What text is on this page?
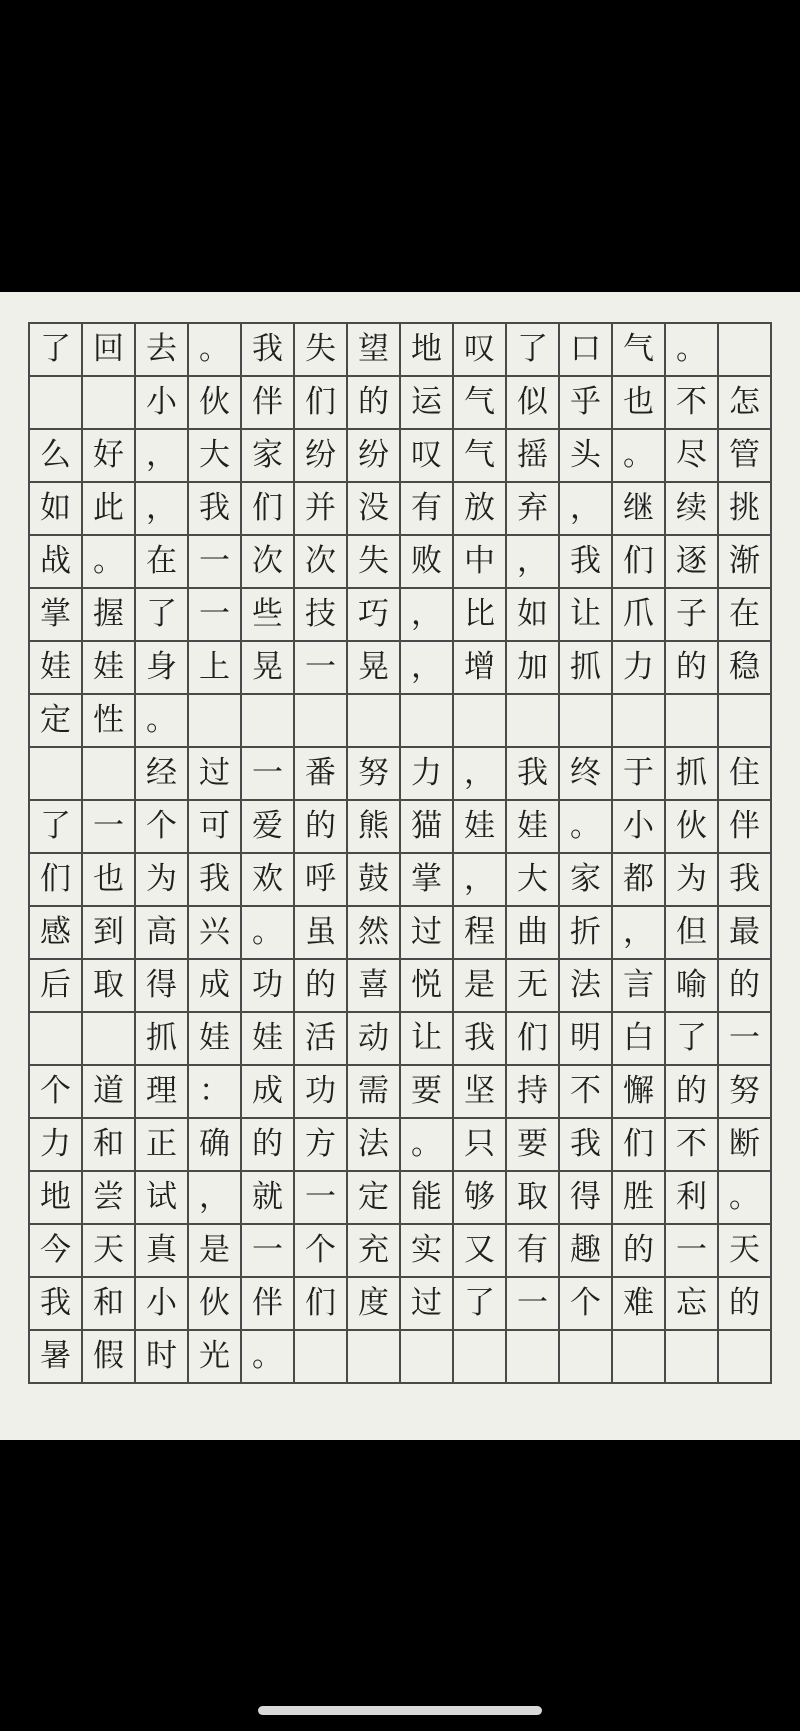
了 回 去 。 我 失 望 地 叹 了 口 气 。
小 伙 伴 们 的 运 气 似 乎 也 不 怎
么 好 ， 大 家 纷 纷 叹 气 摇 头 。 尽 管
如 此 ， 我 们 并 没 有 放 弃 ， 继 续 挑
战 。 在 一 次 次 失 败 中 ， 我 们 逐 渐
掌 握 了 一 些 技 巧 ， 比 如 让 爪 子 在
娃 娃 身 上 晃 一 晃 ， 增 加 抓 力 的 稳
定 性 。
经 过 一 番 努 力 ， 我 终 于 抓 住
了 一 个 可 爱 的 熊 猫 娃 娃 。 小 伙 伴
们 也 为 我 欢 呼 鼓 掌 ， 大 家 都 为 我
感 到 高 兴 。 虽 然 过 程 曲 折 ， 但 最
后 取 得 成 功 的 喜 悦 是 无 法 言 喻 的
抓 娃 娃 活 动 让 我 们 明 白 了 一
个 道 理 ： 成 功 需 要 坚 持 不 懈 的 努
力 和 正 确 的 方 法 。 只 要 我 们 不 断
地 尝 试 ， 就 一 定 能 够 取 得 胜 利 。
今 天 真 是 一 个 充 实 又 有 趣 的 一 天
我 和 小 伙 伴 们 度 过 了 一 个 难 忘 的
暑 假 时 光 。
